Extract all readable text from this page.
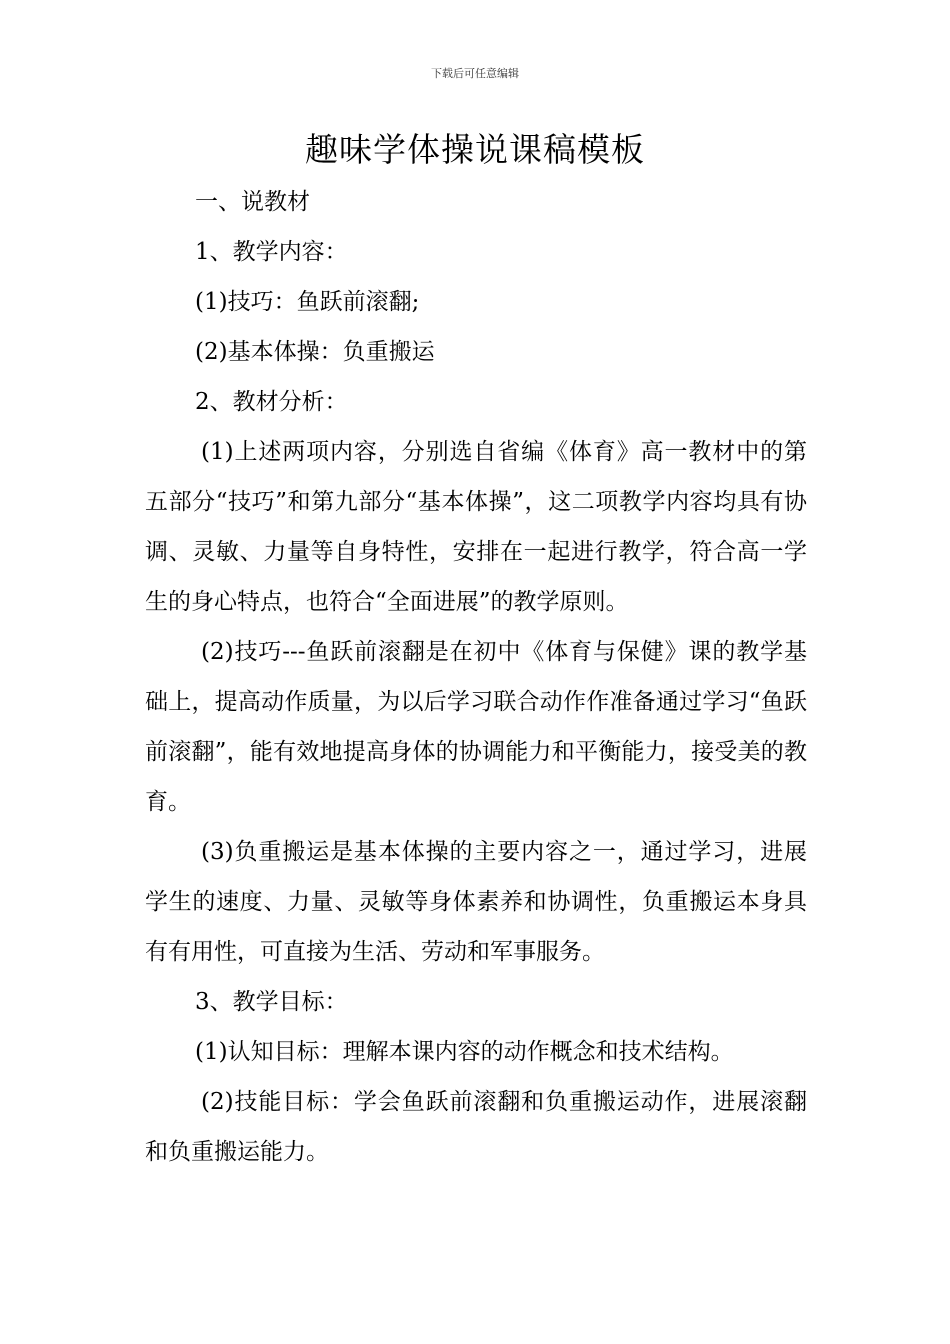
下载后可任意编辑
趣味学体操说课稿模板

一、说教材

1、教学内容：

(1)技巧：鱼跃前滚翻;

(2)基本体操：负重搬运

2、教材分析：

(1)上述两项内容，分别选自省编《体育》高一教材中的第五部分“技巧”和第九部分“基本体操”，这二项教学内容均具有协调、灵敏、力量等自身特性，安排在一起进行教学，符合高一学生的身心特点，也符合“全面进展”的教学原则。

(2)技巧---鱼跃前滚翻是在初中《体育与保健》课的教学基础上，提高动作质量，为以后学习联合动作作准备通过学习“鱼跃前滚翻”，能有效地提高身体的协调能力和平衡能力，接受美的教育。

(3)负重搬运是基本体操的主要内容之一，通过学习，进展学生的速度、力量、灵敏等身体素养和协调性，负重搬运本身具有有用性，可直接为生活、劳动和军事服务。

3、教学目标：

(1)认知目标：理解本课内容的动作概念和技术结构。

(2)技能目标：学会鱼跃前滚翻和负重搬运动作，进展滚翻和负重搬运能力。
